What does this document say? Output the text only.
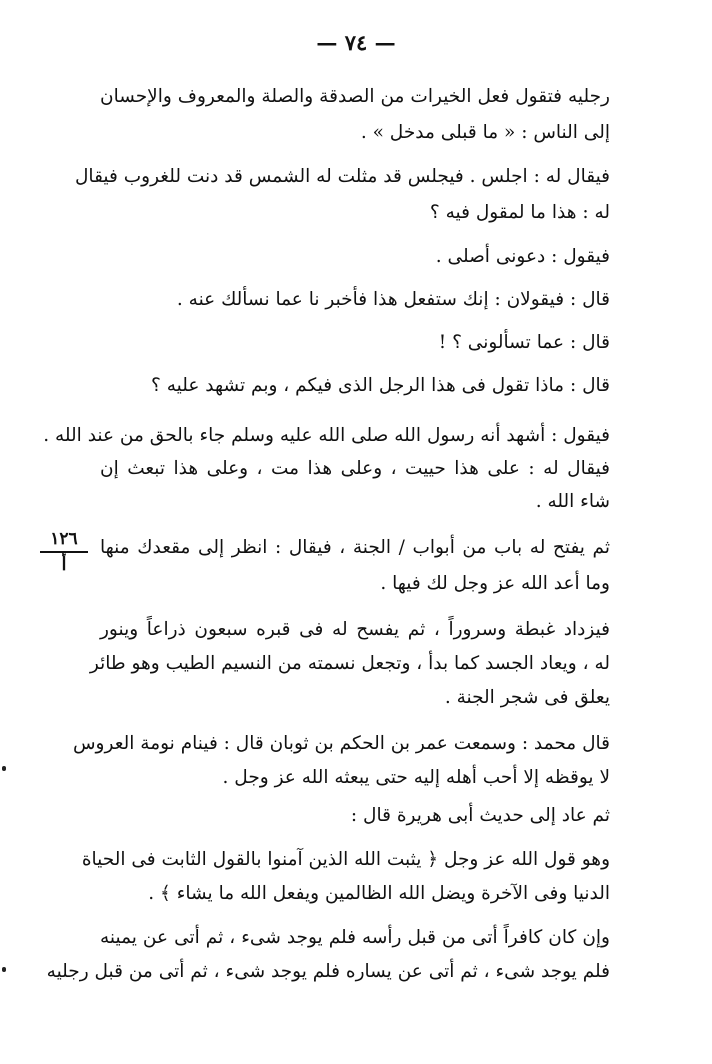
— ٧٤ —
١٢٦
أ
رجليه فتقول فعل الخيرات من الصدقة والصلة والمعروف والإحسان
إلى الناس : « ما قبلى مدخل » .
فيقال له : اجلس . فيجلس قد مثلت له الشمس قد دنت للغروب فيقال
له : هذا ما لمقول فيه ؟
فيقول : دعونى أصلى .
قال : فيقولان : إنك ستفعل هذا فأخبر نا عما نسألك عنه .
قال : عما تسألونى ؟ !
قال : ماذا تقول فى هذا الرجل الذى فيكم ، وبم تشهد عليه ؟
فيقول : أشهد أنه رسول الله صلى الله عليه وسلم جاء بالحق من عند الله .
فيقال له : على هذا حييت ، وعلى هذا مت ، وعلى هذا تبعث إن
شاء الله .
ثم يفتح له باب من أبواب / الجنة ، فيقال : انظر إلى مقعدك منها
وما أعد الله عز وجل لك فيها .
فيزداد غبطة وسروراً ، ثم يفسح له فى قبره سبعون ذراعاً وينور
له ، ويعاد الجسد كما بدأ ، وتجعل نسمته من النسيم الطيب وهو طائر
يعلق فى شجر الجنة .
قال محمد : وسمعت عمر بن الحكم بن ثوبان قال : فينام نومة العروس
لا يوقظه إلا أحب أهله إليه حتى يبعثه الله عز وجل .
ثم عاد إلى حديث أبى هريرة قال :
وهو قول الله عز وجل ﴿ يثبت الله الذين آمنوا بالقول الثابت فى الحياة
الدنيا وفى الآخرة ويضل الله الظالمين ويفعل الله ما يشاء ﴾ .
وإن كان كافراً أتى من قبل رأسه فلم يوجد شىء ، ثم أتى عن يمينه
فلم يوجد شىء ، ثم أتى عن يساره فلم يوجد شىء ، ثم أتى من قبل رجليه
